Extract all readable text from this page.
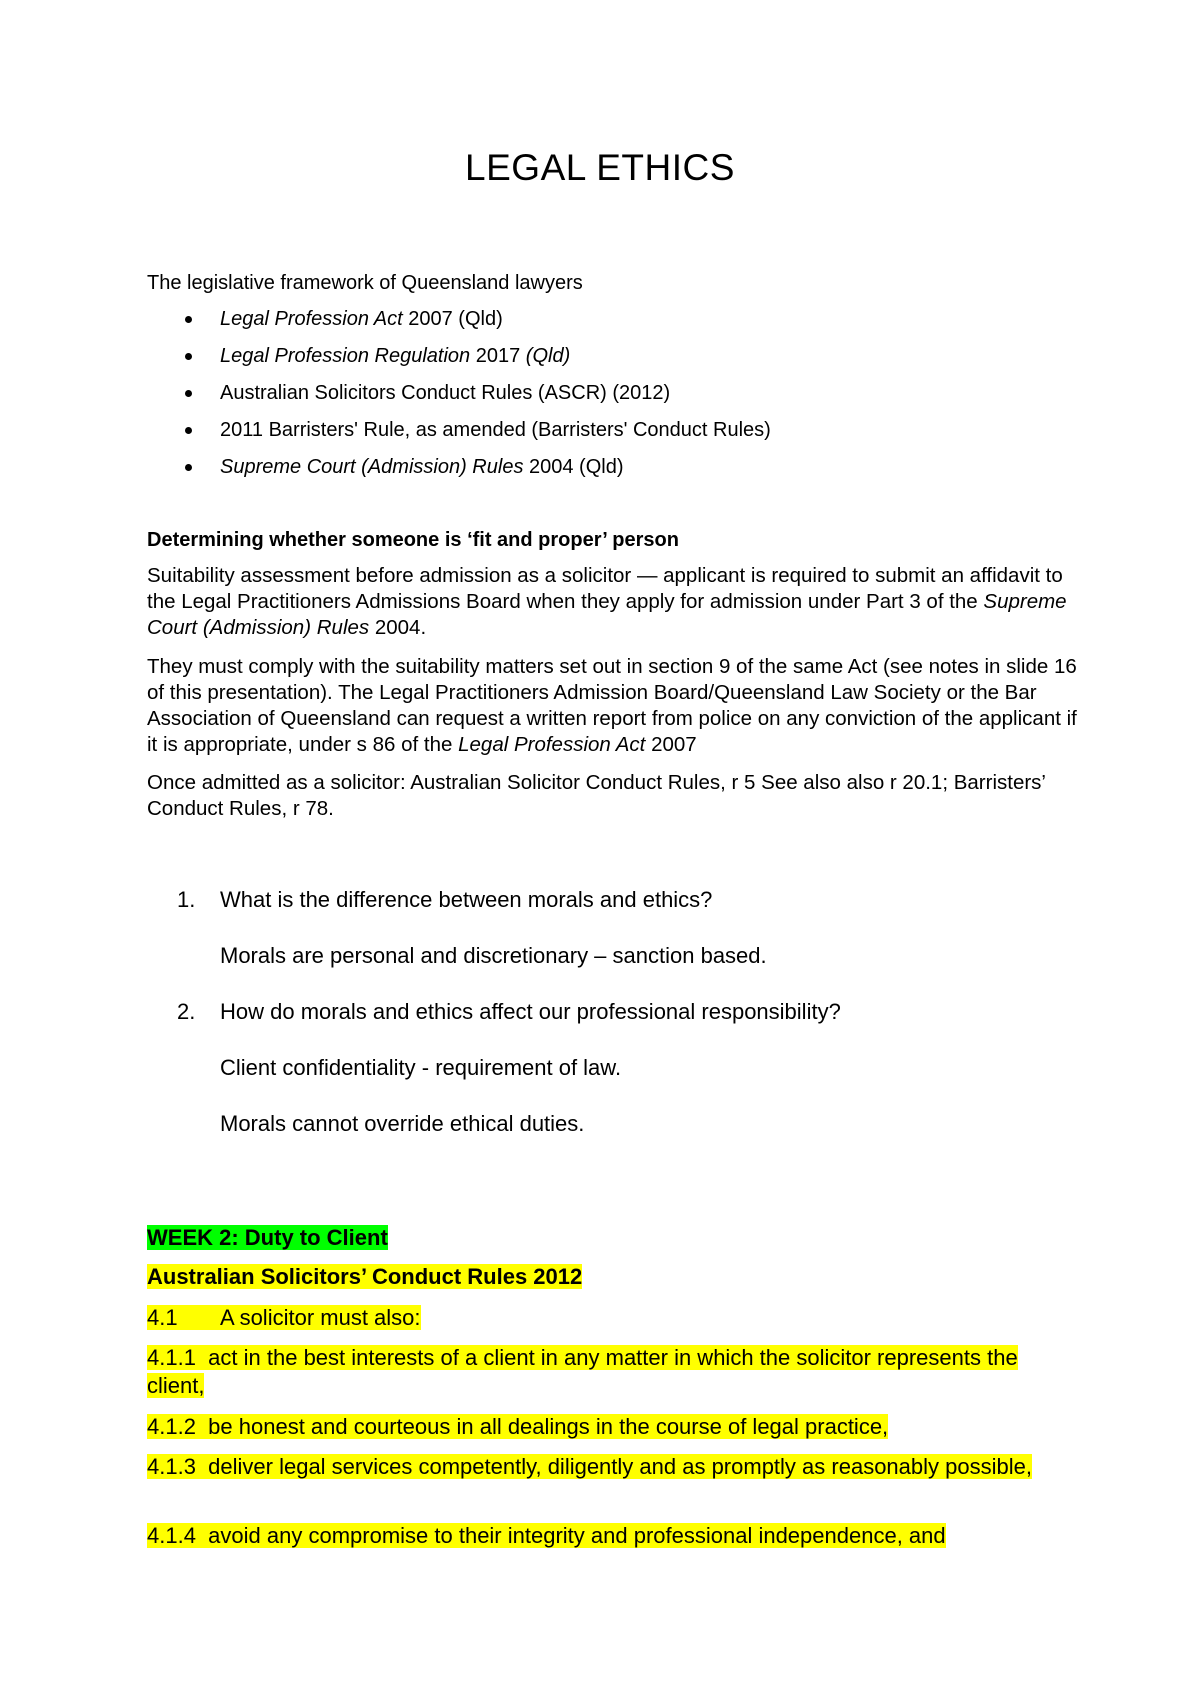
LEGAL ETHICS
The legislative framework of Queensland lawyers
Legal Profession Act 2007 (Qld)
Legal Profession Regulation 2017 (Qld)
Australian Solicitors Conduct Rules (ASCR) (2012)
2011 Barristers' Rule, as amended (Barristers' Conduct Rules)
Supreme Court (Admission) Rules 2004 (Qld)
Determining whether someone is ‘fit and proper’ person
Suitability assessment before admission as a solicitor — applicant is required to submit an affidavit to the Legal Practitioners Admissions Board when they apply for admission under Part 3 of the Supreme Court (Admission) Rules 2004.
They must comply with the suitability matters set out in section 9 of the same Act (see notes in slide 16 of this presentation). The Legal Practitioners Admission Board/Queensland Law Society or the Bar Association of Queensland can request a written report from police on any conviction of the applicant if it is appropriate, under s 86 of the Legal Profession Act 2007
Once admitted as a solicitor: Australian Solicitor Conduct Rules, r 5 See also also r 20.1; Barristers’ Conduct Rules, r 78.
1. What is the difference between morals and ethics?
Morals are personal and discretionary – sanction based.
2. How do morals and ethics affect our professional responsibility?
Client confidentiality - requirement of law.
Morals cannot override ethical duties.
WEEK 2: Duty to Client
Australian Solicitors’ Conduct Rules 2012
4.1 A solicitor must also:
4.1.1 act in the best interests of a client in any matter in which the solicitor represents the client,
4.1.2 be honest and courteous in all dealings in the course of legal practice,
4.1.3 deliver legal services competently, diligently and as promptly as reasonably possible,
4.1.4 avoid any compromise to their integrity and professional independence, and
